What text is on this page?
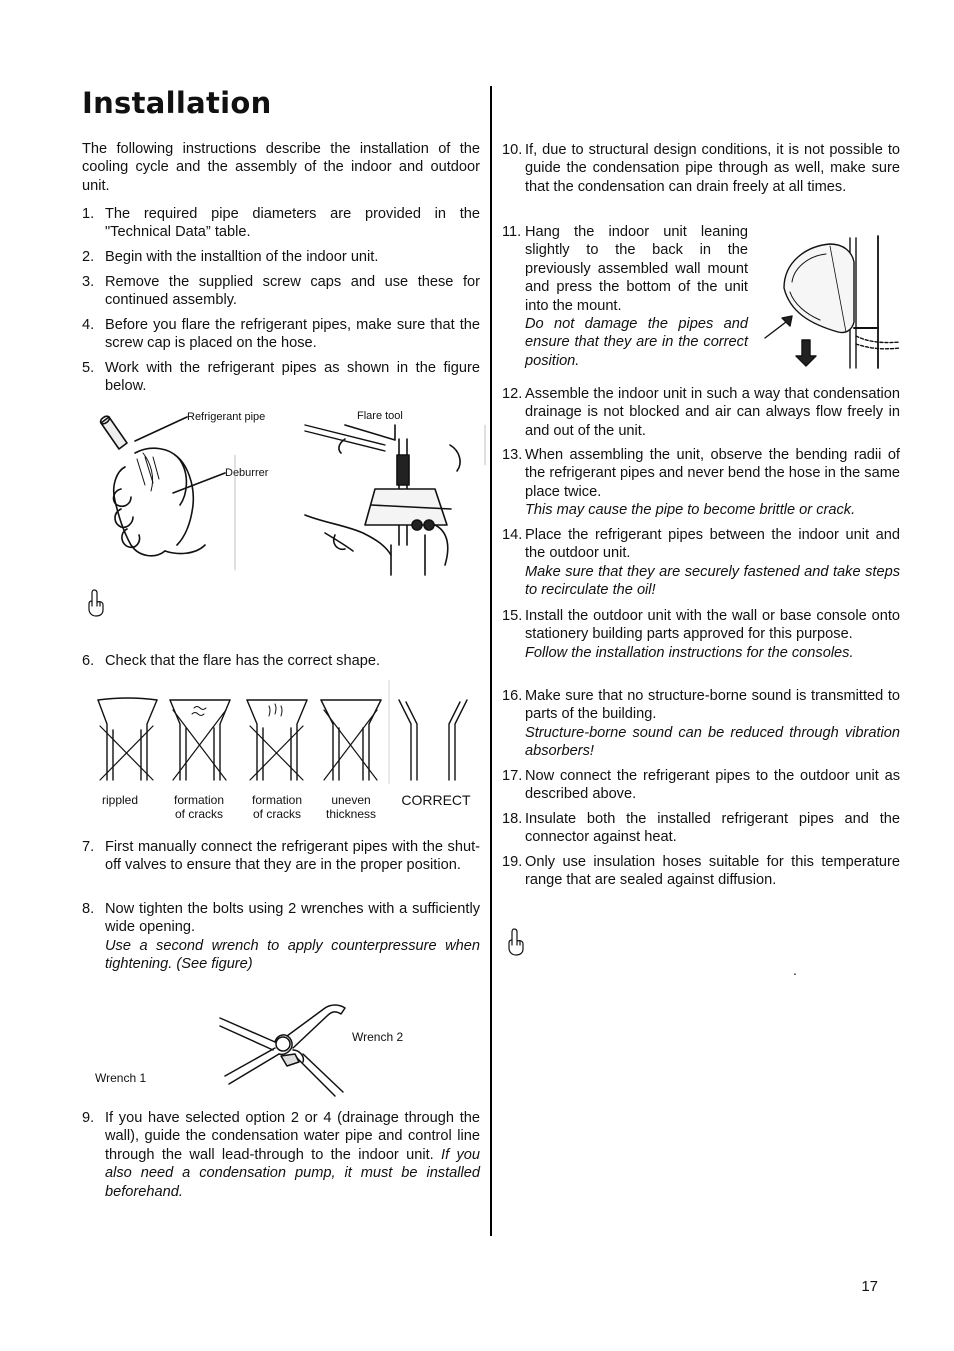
Installation
The following instructions describe the installation of the cooling cycle and the assembly of the indoor and outdoor unit.
1. The required pipe diameters are provided in the "Technical Data” table.
2. Begin with the installtion of the indoor unit.
3. Remove the supplied screw caps and use these for continued assembly.
4. Before you flare the refrigerant pipes, make sure that the screw cap is placed on the hose.
5. Work with the refrigerant pipes as shown in the figure below.
Refrigerant pipe
Deburrer
Flare tool
6. Check that the flare has the correct shape.
rippled	formation
of cracks
formation
of cracks
uneven
thickness
CORRECT
7. First manually connect the refrigerant pipes with the shut-off valves to ensure that they are in the proper position.
8. Now tighten the bolts using 2 wrenches with a sufficiently wide opening.
Use a second wrench to apply counterpressure when tightening. (See figure)
Wrench 2
Wrench 1
9. If you have selected option 2 or 4 (drainage through the wall), guide the condensation water pipe and control line through the wall lead-through to the indoor unit. If you also need a condensation pump, it must be installed beforehand.
10. If, due to structural design conditions, it is not possible to guide the condensation pipe through as well, make sure that the condensation can drain freely at all times.
11. Hang the indoor unit leaning slightly to the back in the previously assembled wall mount and press the bottom of the unit into the mount.
Do not damage the pipes and ensure that they are in the correct position.
12. Assemble the indoor unit in such a way that condensation drainage is not blocked and air can always flow freely in and out of the unit.
13. When assembling the unit, observe the bending radii of the refrigerant pipes and never bend the hose in the same place twice.
This may cause the pipe to become brittle or crack.
14. Place the refrigerant pipes between the indoor unit and the outdoor unit.
Make sure that they are securely fastened and take steps to recirculate the oil!
15. Install the outdoor unit with the wall or base console onto stationery building parts approved for this purpose.
Follow the installation instructions for the consoles.
16. Make sure that no structure-borne sound is transmitted to parts of the building.
Structure-borne sound can be reduced through vibration absorbers!
17. Now connect the refrigerant pipes to the outdoor unit as described above.
18. Insulate both the installed refrigerant pipes and the connector against heat.
19. Only use insulation hoses suitable for this temperature range that are sealed against diffusion.
.
17
